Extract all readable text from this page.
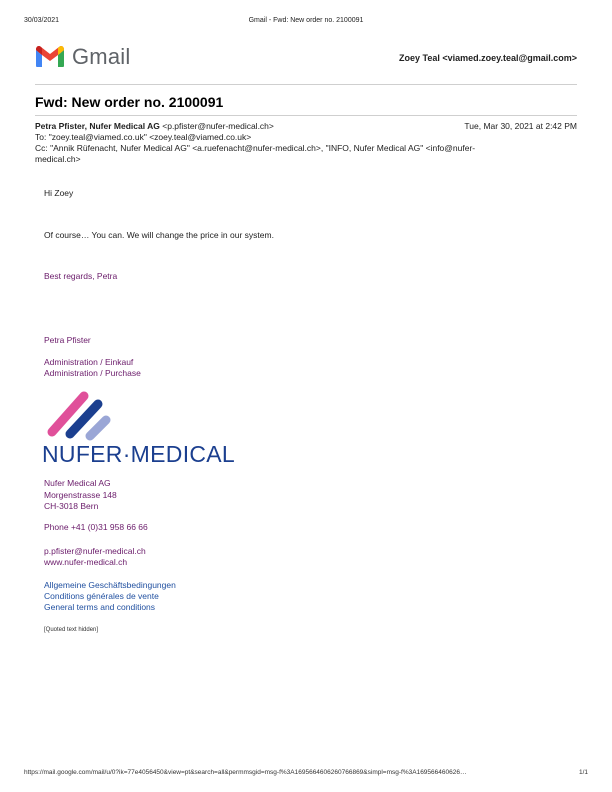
30/03/2021	Gmail - Fwd: New order no. 2100091
Gmail	Zoey Teal <viamed.zoey.teal@gmail.com>
Fwd: New order no. 2100091
Petra Pfister, Nufer Medical AG <p.pfister@nufer-medical.ch>	Tue, Mar 30, 2021 at 2:42 PM
To: "zoey.teal@viamed.co.uk" <zoey.teal@viamed.co.uk>
Cc: "Annik Rüfenacht, Nufer Medical AG" <a.ruefenacht@nufer-medical.ch>, "INFO, Nufer Medical AG" <info@nufer-
medical.ch>
Hi Zoey
Of course… You can. We will change the price in our system.
Best regards, Petra
Petra Pfister
Administration / Einkauf
Administration / Purchase
NUFER·MEDICAL
Nufer Medical AG
Morgenstrasse 148
CH-3018 Bern
Phone +41 (0)31 958 66 66
p.pfister@nufer-medical.ch
www.nufer-medical.ch
Allgemeine Geschäftsbedingungen
Conditions générales de vente
General terms and conditions
[Quoted text hidden]
https://mail.google.com/mail/u/0?ik=77e4056450&view=pt&search=all&permmsgid=msg-f%3A1695664606260766869&simpl=msg-f%3A169566460626…	1/1
